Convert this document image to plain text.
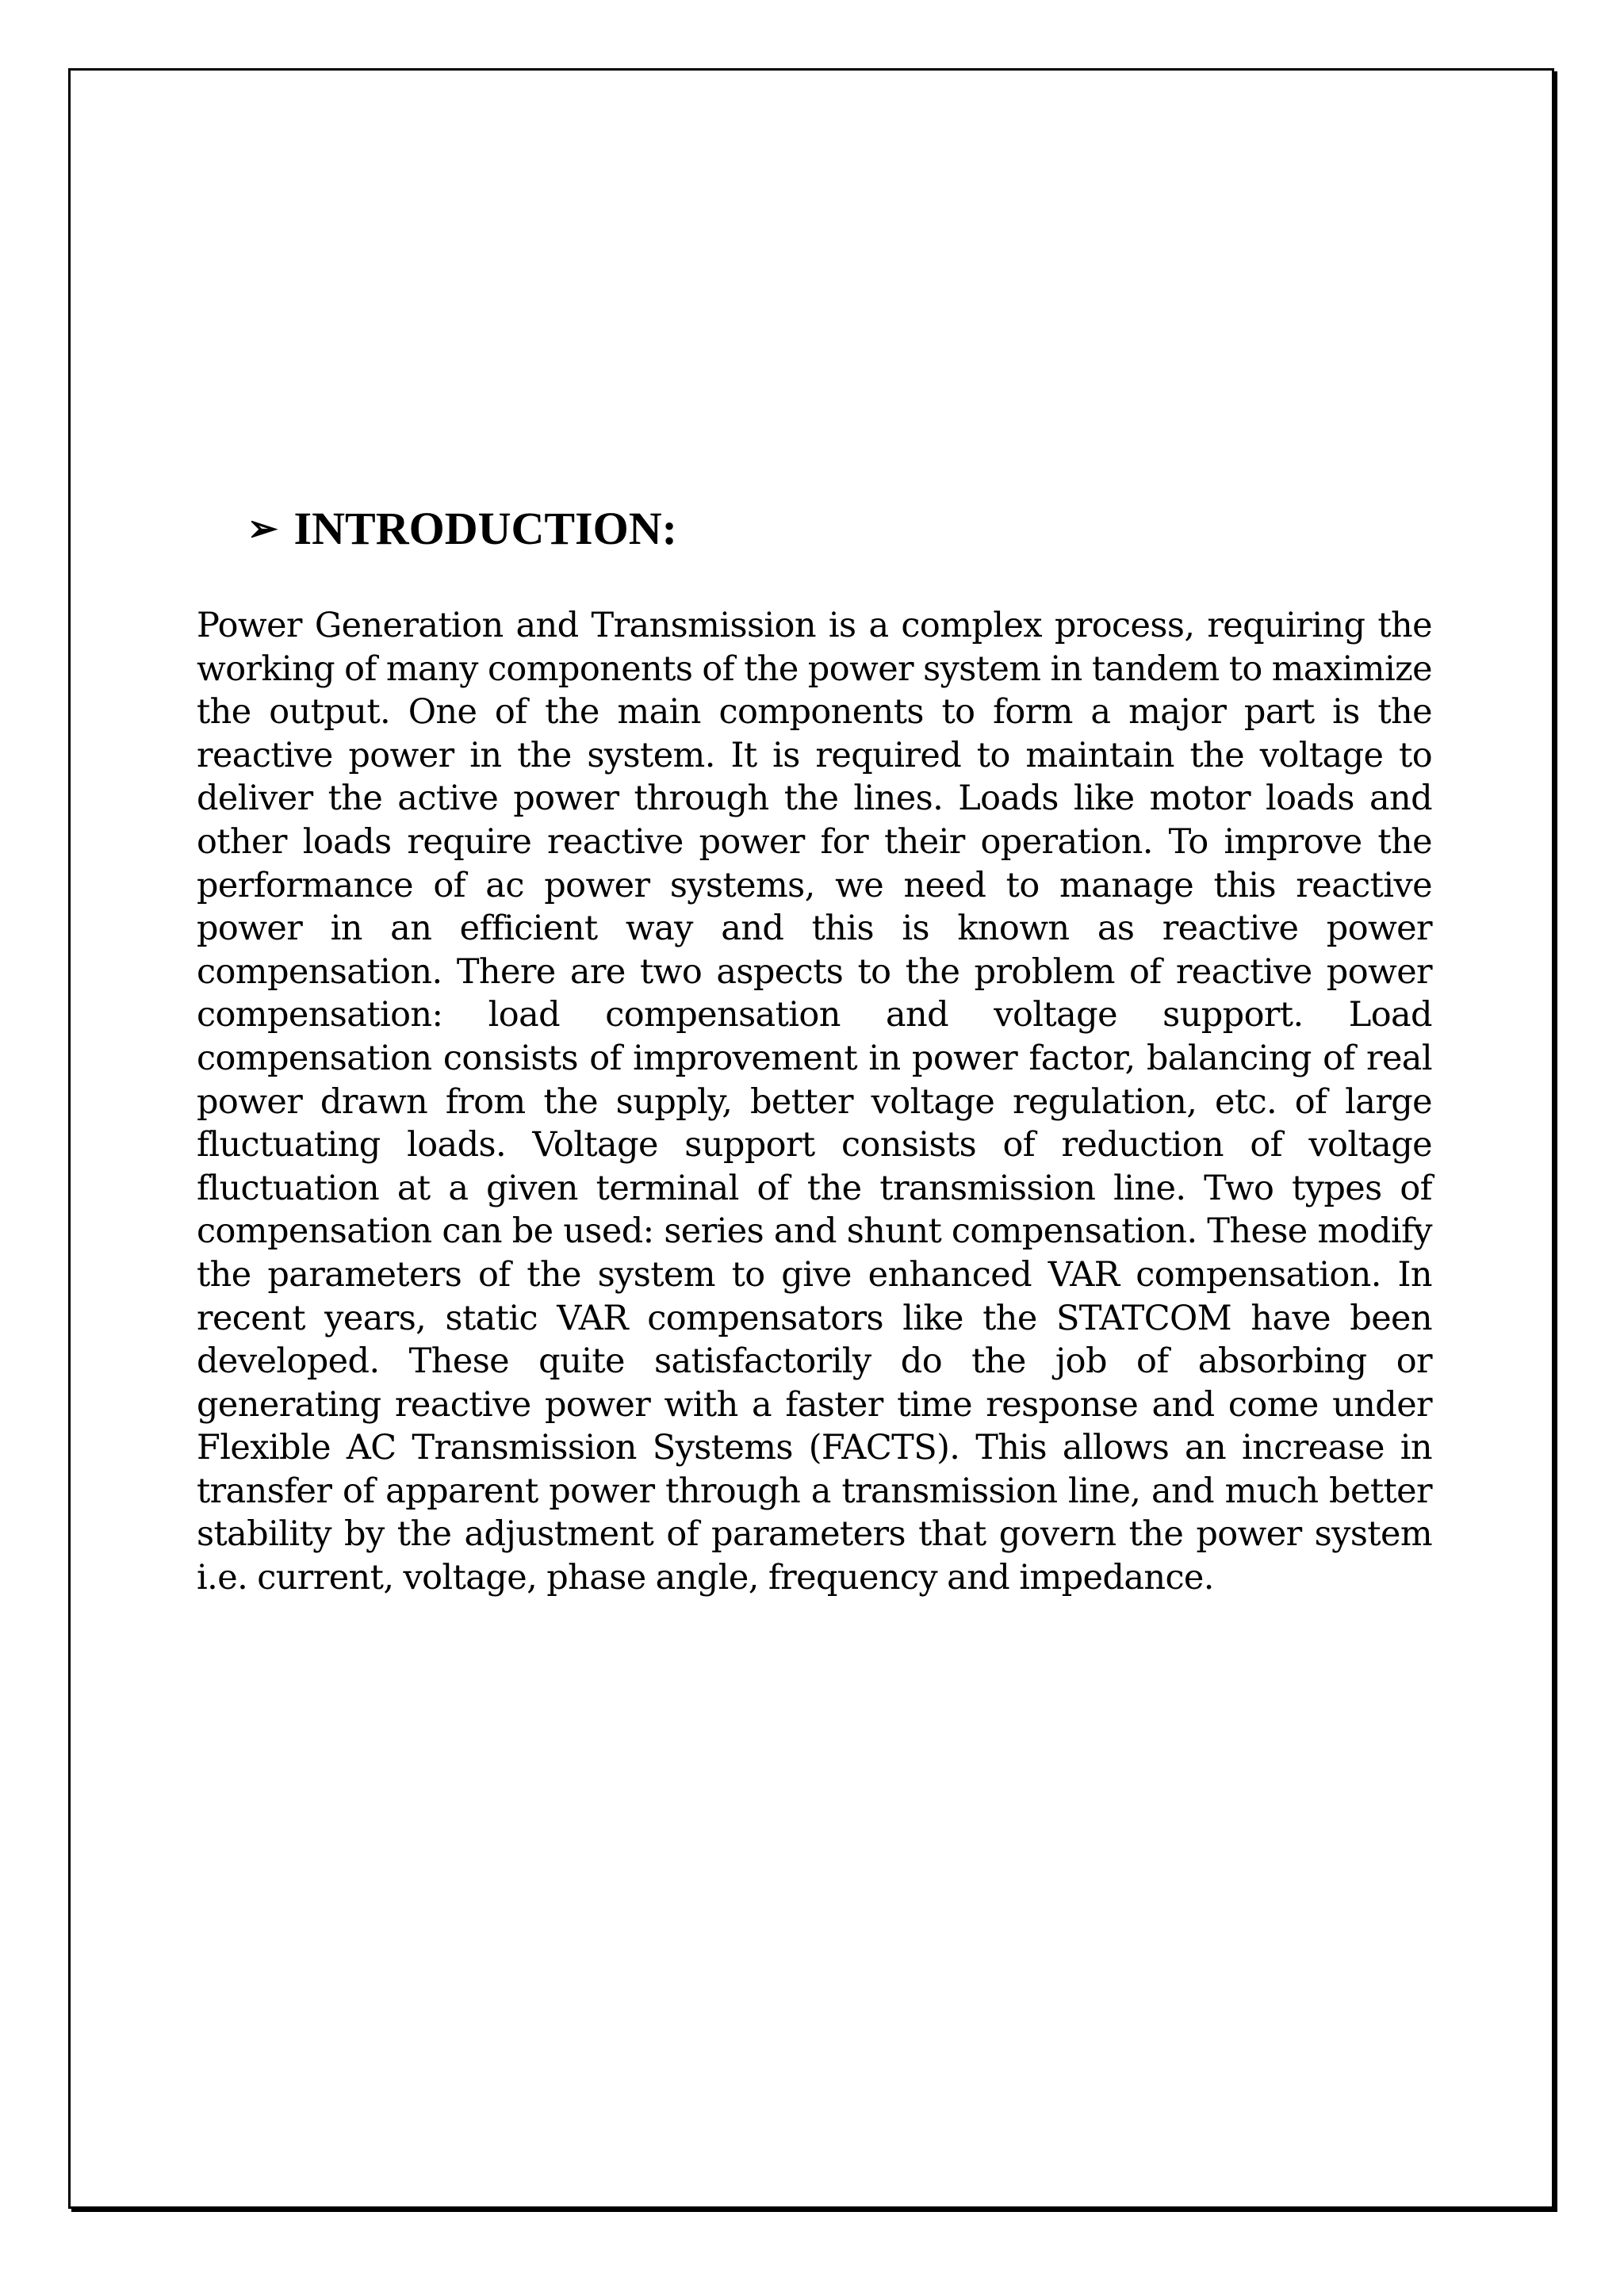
➢ INTRODUCTION:

Power Generation and Transmission is a complex process, requiring the working of many components of the power system in tandem to maximize the output. One of the main components to form a major part is the reactive power in the system. It is required to maintain the voltage to deliver the active power through the lines. Loads like motor loads and other loads require reactive power for their operation. To improve the performance of ac power systems, we need to manage this reactive power in an efficient way and this is known as reactive power compensation. There are two aspects to the problem of reactive power compensation: load compensation and voltage support. Load compensation consists of improvement in power factor, balancing of real power drawn from the supply, better voltage regulation, etc. of large fluctuating loads. Voltage support consists of reduction of voltage fluctuation at a given terminal of the transmission line. Two types of compensation can be used: series and shunt compensation. These modify the parameters of the system to give enhanced VAR compensation. In recent years, static VAR compensators like the STATCOM have been developed. These quite satisfactorily do the job of absorbing or generating reactive power with a faster time response and come under Flexible AC Transmission Systems (FACTS). This allows an increase in transfer of apparent power through a transmission line, and much better stability by the adjustment of parameters that govern the power system i.e. current, voltage, phase angle, frequency and impedance.
